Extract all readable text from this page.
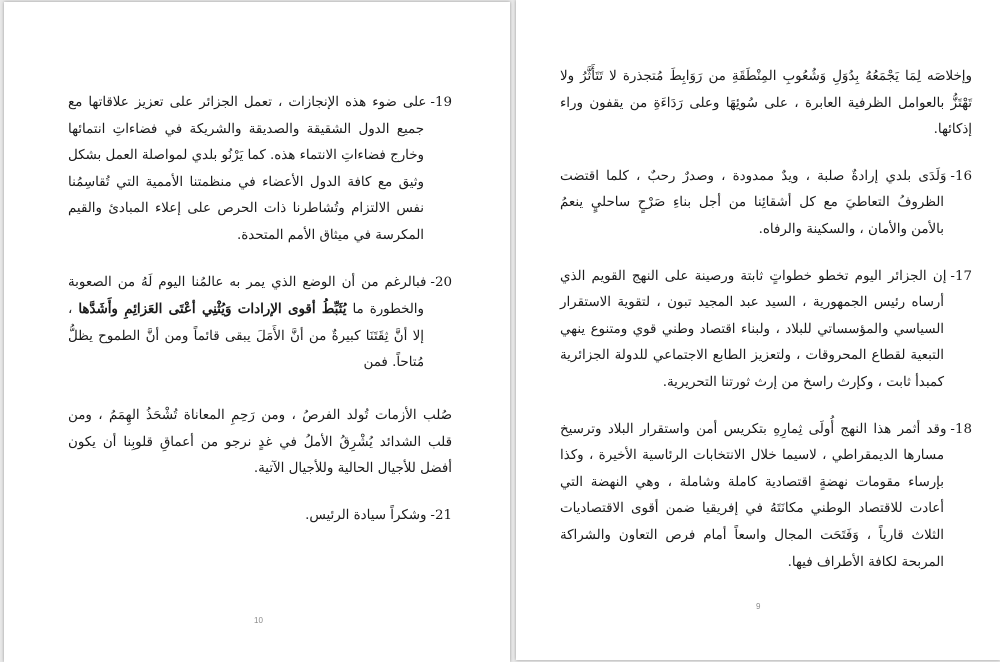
19-على ضوء هذه الإنجازات ، تعمل الجزائر على تعزيز علاقاتها مع جميع الدول الشقيقة والصديقة والشريكة في فضاءاتِ انتمائها وخارج فضاءاتِ الانتماء هذه. كما يَرْنُو بلدي لمواصلة العمل بشكل وثيق مع كافة الدول الأعضاء في منظمتنا الأممية التي تُقاسِمُنا نفس الالتزام وتُشاطرنا ذات الحرص على إعلاء المبادئ والقيم المكرسة في ميثاق الأمم المتحدة.

20-فبالرغم من أن الوضع الذي يمر به عالمُنا اليوم لَهُ من الصعوبة والخطورة ما يُثَبِّطُ أقوى الإرادات وَيُثْنِي أعْتَى العَزائِمِ وأَشَدَّها ، إلا أنَّ ثِقَتَنَا كبيرةٌ من أنَّ الأَمَلَ يبقى قائماً ومن أنَّ الطموح يظلُّ مُتاحاً. فمن

صُلب الأزمات تُولد الفرصُ ، ومن رَحِمِ المعاناة تُشْحَذُ الهِمَمُ ، ومن قلب الشدائد يُشْرِقُ الأملُ في غدٍ نرجو من أعماقِ قلوبِنا أن يكون أفضل للأجيال الحالية وللأجيال الآتية.

21-وشكراً سيادة الرئيس.

10

وإخلاصَه لِمَا يَجْمَعُهُ بِدُوَلِ وَشُعُوبِ المِنْطَقَةِ من رَوَابِطَ مُتجذرة لا تَتَأَثَّرُ ولا تَهْتَزُّ بالعوامل الظرفية العابرة ، على سُوئِهَا وعلى رَدَاءَةِ من يقفون وراء إذكائها.

16-وَلَدَى بلدي إرادةٌ صلبة ، ويدٌ ممدودة ، وصدرٌ رحبٌ ، كلما اقتضت الظروفُ التعاطيَ مع كل أشقائِنا من أجل بناءِ صَرْحٍ ساحليٍ ينعمُ بالأمن والأمان ، والسكينة والرفاه.

17-إن الجزائر اليوم تخطو خطواتٍ ثابتة ورصينة على النهج القويم الذي أرساه رئيس الجمهورية ، السيد عبد المجيد تبون ، لتقوية الاستقرار السياسي والمؤسساتي للبلاد ، ولبناء اقتصاد وطني قوي ومتنوع ينهي التبعية لقطاع المحروقات ، ولتعزيز الطابع الاجتماعي للدولة الجزائرية كمبدأ ثابت ، وكإرث راسخ من إرث ثورتنا التحريرية.

18-وقد أثمر هذا النهج أُولَى ثِمارِهِ بتكريس أمن واستقرار البلاد وترسيخ مسارها الديمقراطي ، لاسيما خلال الانتخابات الرئاسية الأخيرة ، وكذا بإرساء مقومات نهضةٍ اقتصادية كاملة وشاملة ، وهي النهضة التي أعادت للاقتصاد الوطني مكانَتَهُ في إفريقيا ضمن أقوى الاقتصاديات الثلاث قارياً ، وَفَتَحَت المجال واسعاً أمام فرص التعاون والشراكة المربحة لكافة الأطراف فيها.

9
